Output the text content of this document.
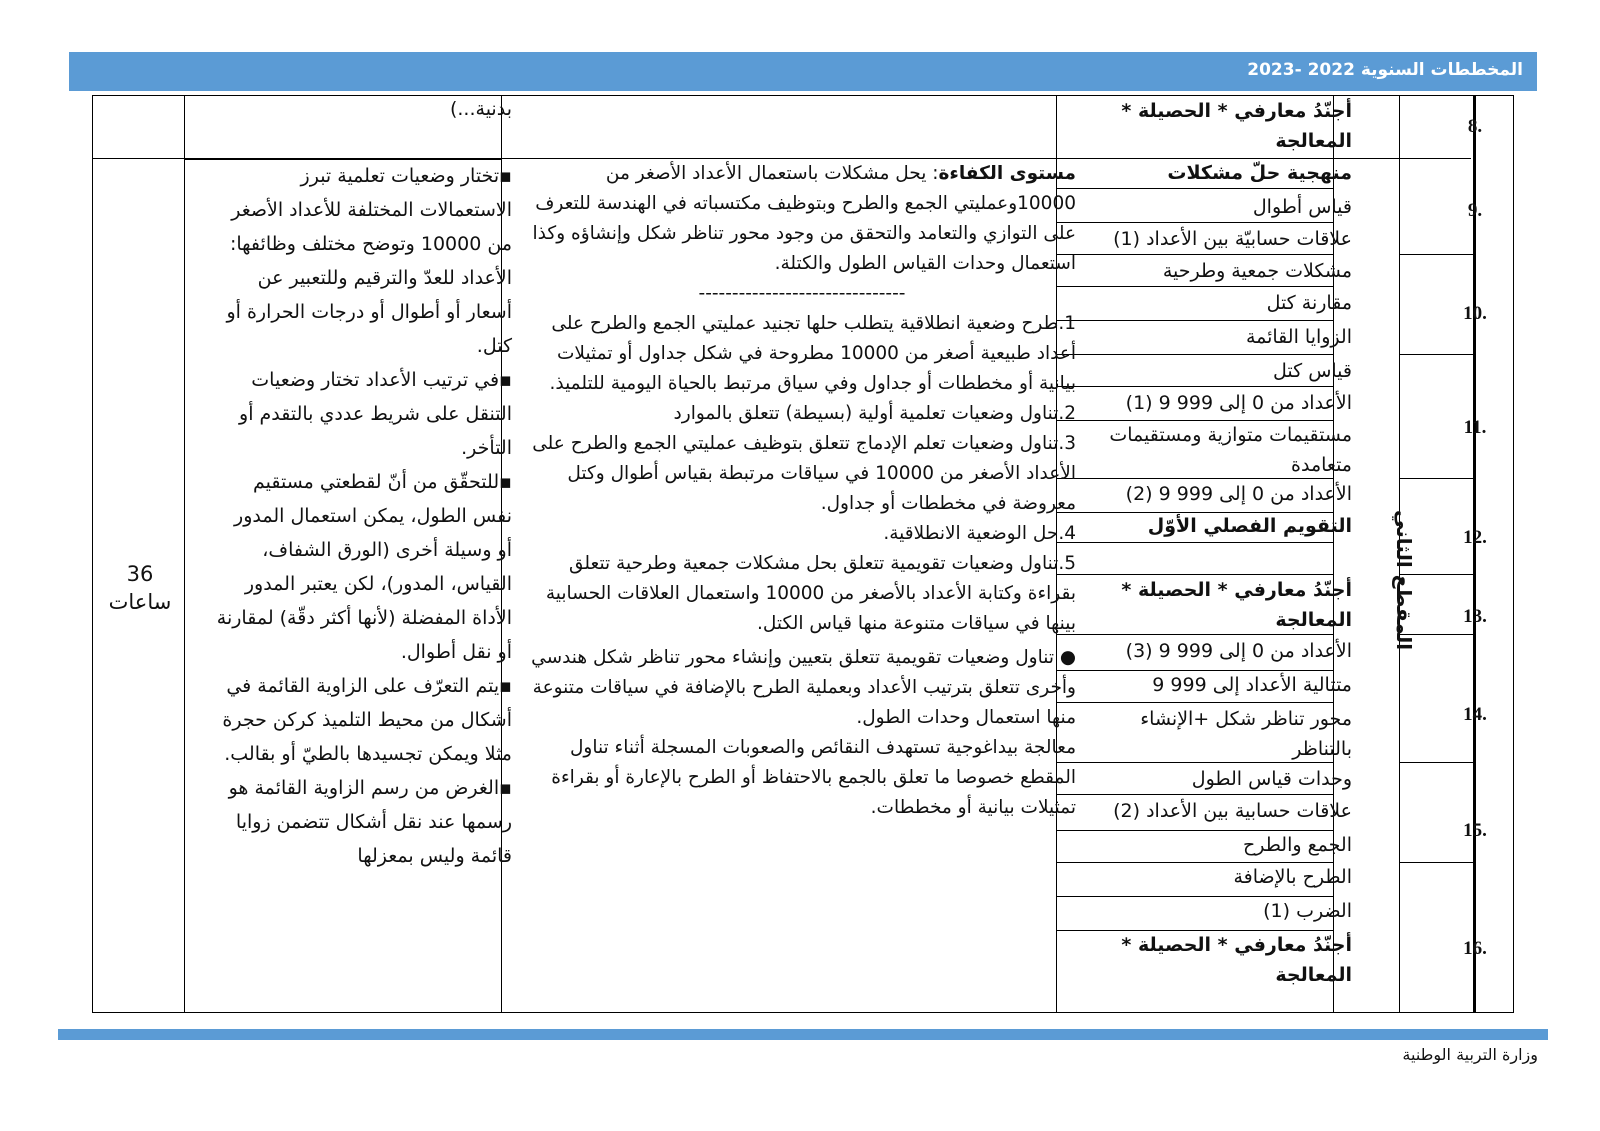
المخططات السنوية 2022 -2023
8.
9.
10.
11.
12.
13.
14.
15.
16.
أجنّدُ معارفي * الحصيلة * المعالجة
منهجية حلّ مشكلات
قياس أطوال
علاقات حسابيّة بين الأعداد (1)
مشكلات جمعية وطرحية
مقارنة كتل
الزوايا القائمة
قياس كتل
الأعداد من 0 إلى 999 9 (1)
مستقيمات متوازية ومستقيمات متعامدة
الأعداد من 0 إلى 999 9 (2)
التقويم الفصلي الأوّل
أجنّدُ معارفي * الحصيلة * المعالجة
الأعداد من 0 إلى 999 9 (3)
متتالية الأعداد إلى 999 9
محور تناظر شكل +الإنشاء بالتناظر
وحدات قياس الطول
علاقات حسابية بين الأعداد (2)
الجمع والطرح
الطرح بالإضافة
الضرب (1)
أجنّدُ معارفي * الحصيلة * المعالجة
المقطع الثاني
بدنية...)

مستوى الكفاءة: يحل مشكلات باستعمال الأعداد الأصغر من 10000وعمليتي الجمع والطرح وبتوظيف مكتسباته في الهندسة للتعرف على التوازي والتعامد والتحقق من وجود محور تناظر شكل وإنشاؤه وكذا استعمال وحدات القياس الطول والكتلة.

-------------------------------

1.طرح وضعية انطلاقية يتطلب حلها تجنيد عمليتي الجمع والطرح على أعداد طبيعية أصغر من 10000 مطروحة في شكل جداول أو تمثيلات بيانية أو مخططات أو جداول وفي سياق مرتبط بالحياة اليومية للتلميذ.

2.تناول وضعيات تعلمية أولية (بسيطة) تتعلق بالموارد

3.تناول وضعيات تعلم الإدماج تتعلق بتوظيف عمليتي الجمع والطرح على الأعداد الأصغر من 10000 في سياقات مرتبطة بقياس أطوال وكتل معروضة في مخططات أو جداول.

4.حل الوضعية الانطلاقية.

5.تناول وضعيات تقويمية تتعلق بحل مشكلات جمعية وطرحية تتعلق بقراءة وكتابة الأعداد بالأصغر من 10000 واستعمال العلاقات الحسابية بينها في سياقات متنوعة منها قياس الكتل.

● تناول وضعيات تقويمية تتعلق بتعيين وإنشاء محور تناظر شكل هندسي وأخرى تتعلق بترتيب الأعداد وبعملية الطرح بالإضافة في سياقات متنوعة منها استعمال وحدات الطول.

معالجة بيداغوجية تستهدف النقائص والصعوبات المسجلة أثناء تناول المقطع خصوصا ما تعلق بالجمع بالاحتفاظ أو الطرح بالإعارة أو بقراءة تمثيلات بيانية أو مخططات.

▪تختار وضعيات تعلمية تبرز الاستعمالات المختلفة للأعداد الأصغر من 10000 وتوضح مختلف وظائفها: الأعداد للعدّ والترقيم وللتعبير عن أسعار أو أطوال أو درجات الحرارة أو كتل.

▪في ترتيب الأعداد تختار وضعيات التنقل على شريط عددي بالتقدم أو التأخر.

▪للتحقّق من أنّ لقطعتي مستقيم نفس الطول، يمكن استعمال المدور أو وسيلة أخرى (الورق الشفاف، القياس، المدور)، لكن يعتبر المدور الأداة المفضلة (لأنها أكثر دقّة) لمقارنة أو نقل أطوال.

▪يتم التعرّف على الزاوية القائمة في أشكال من محيط التلميذ كركن حجرة مثلا ويمكن تجسيدها بالطيّ أو بقالب.

▪الغرض من رسم الزاوية القائمة هو رسمها عند نقل أشكال تتضمن زوايا قائمة وليس بمعزلها

36
ساعات
وزارة التربية الوطنية
